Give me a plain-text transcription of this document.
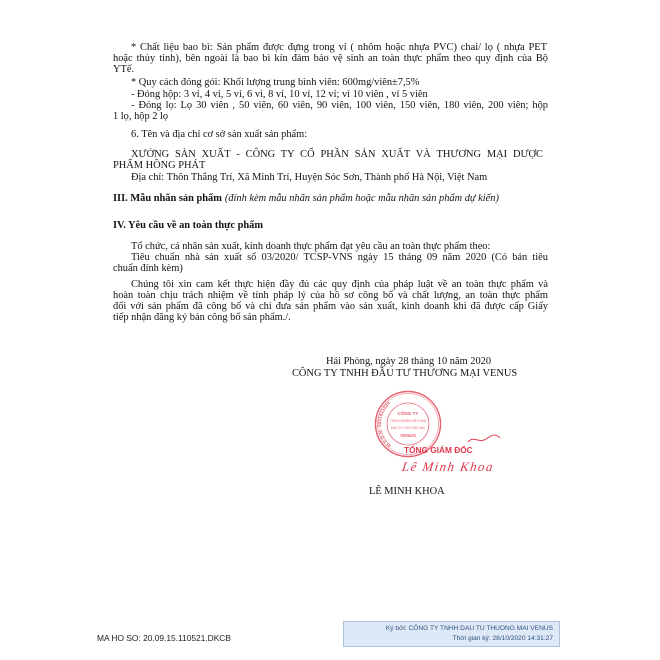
* Chất liệu bao bì: Sản phẩm được đựng trong vỉ ( nhôm hoặc nhựa PVC) chai/ lọ ( nhựa PET
hoặc thủy tinh), bên ngoài là bao bì kín đảm bảo vệ sinh an toàn thực phẩm theo quy định của Bộ
YTế.
* Quy cách đóng gói: Khối lượng trung bình viên: 600mg/viên±7,5%
- Đóng hộp: 3 vỉ, 4 vỉ, 5 vỉ, 6 vỉ, 8 vỉ, 10 vỉ, 12 vỉ; vỉ 10 viên , vỉ 5 viên
- Đóng lọ: Lọ 30 viên , 50 viên, 60 viên, 90 viên, 100 viên, 150 viên, 180 viên, 200 viên; hộp
1 lọ, hộp 2 lọ
6. Tên và địa chỉ cơ sở sản xuất sản phẩm:
XƯỞNG SẢN XUẤT - CÔNG TY CỔ PHẦN SẢN XUẤT VÀ THƯƠNG MẠI DƯỢC
PHẨM HỒNG PHÁT
Địa chỉ: Thôn Thắng Trí, Xã Minh Trí, Huyện Sóc Sơn, Thành phố Hà Nội, Việt Nam
III. Mẫu nhãn sản phẩm (đính kèm mẫu nhãn sản phẩm hoặc mẫu nhãn sản phẩm dự kiến)
IV. Yêu cầu về an toàn thực phẩm
Tổ chức, cá nhân sản xuất, kinh doanh thực phẩm đạt yêu cầu an toàn thực phẩm theo:
Tiêu chuẩn nhà sản xuất số 03/2020/ TCSP-VNS ngày 15 tháng 09 năm 2020 (Có bản tiêu
chuẩn đính kèm)
Chúng tôi xin cam kết thực hiện đầy đủ các quy định của pháp luật về an toàn thực phẩm và
hoàn toàn chịu trách nhiệm về tính pháp lý của hồ sơ công bố và chất lượng, an toàn thực phẩm
đối với sản phẩm đã công bố và chỉ đưa sản phẩm vào sản xuất, kinh doanh khi đã được cấp Giấy
tiếp nhận đăng ký bản công bố sản phẩm./.
Hải Phòng, ngày 28 tháng 10 năm 2020
CÔNG TY TNHH ĐẦU TƯ THƯƠNG MẠI VENUS
M.S.D.N: 0201611224
CÔNG TY
TRÁCH NHIỆM HỮU HẠN
ĐẦU TƯ THƯƠNG MẠI
VENUS
TỔNG GIÁM ĐỐC
Lê Minh Khoa
LÊ MINH KHOA
MA HO SO: 20.09.15.110521.DKCB
Ký bởi: CÔNG TY TNHH DAU TU THUONG MAI VENUS
Thời gian ký: 28/10/2020 14:31:27
